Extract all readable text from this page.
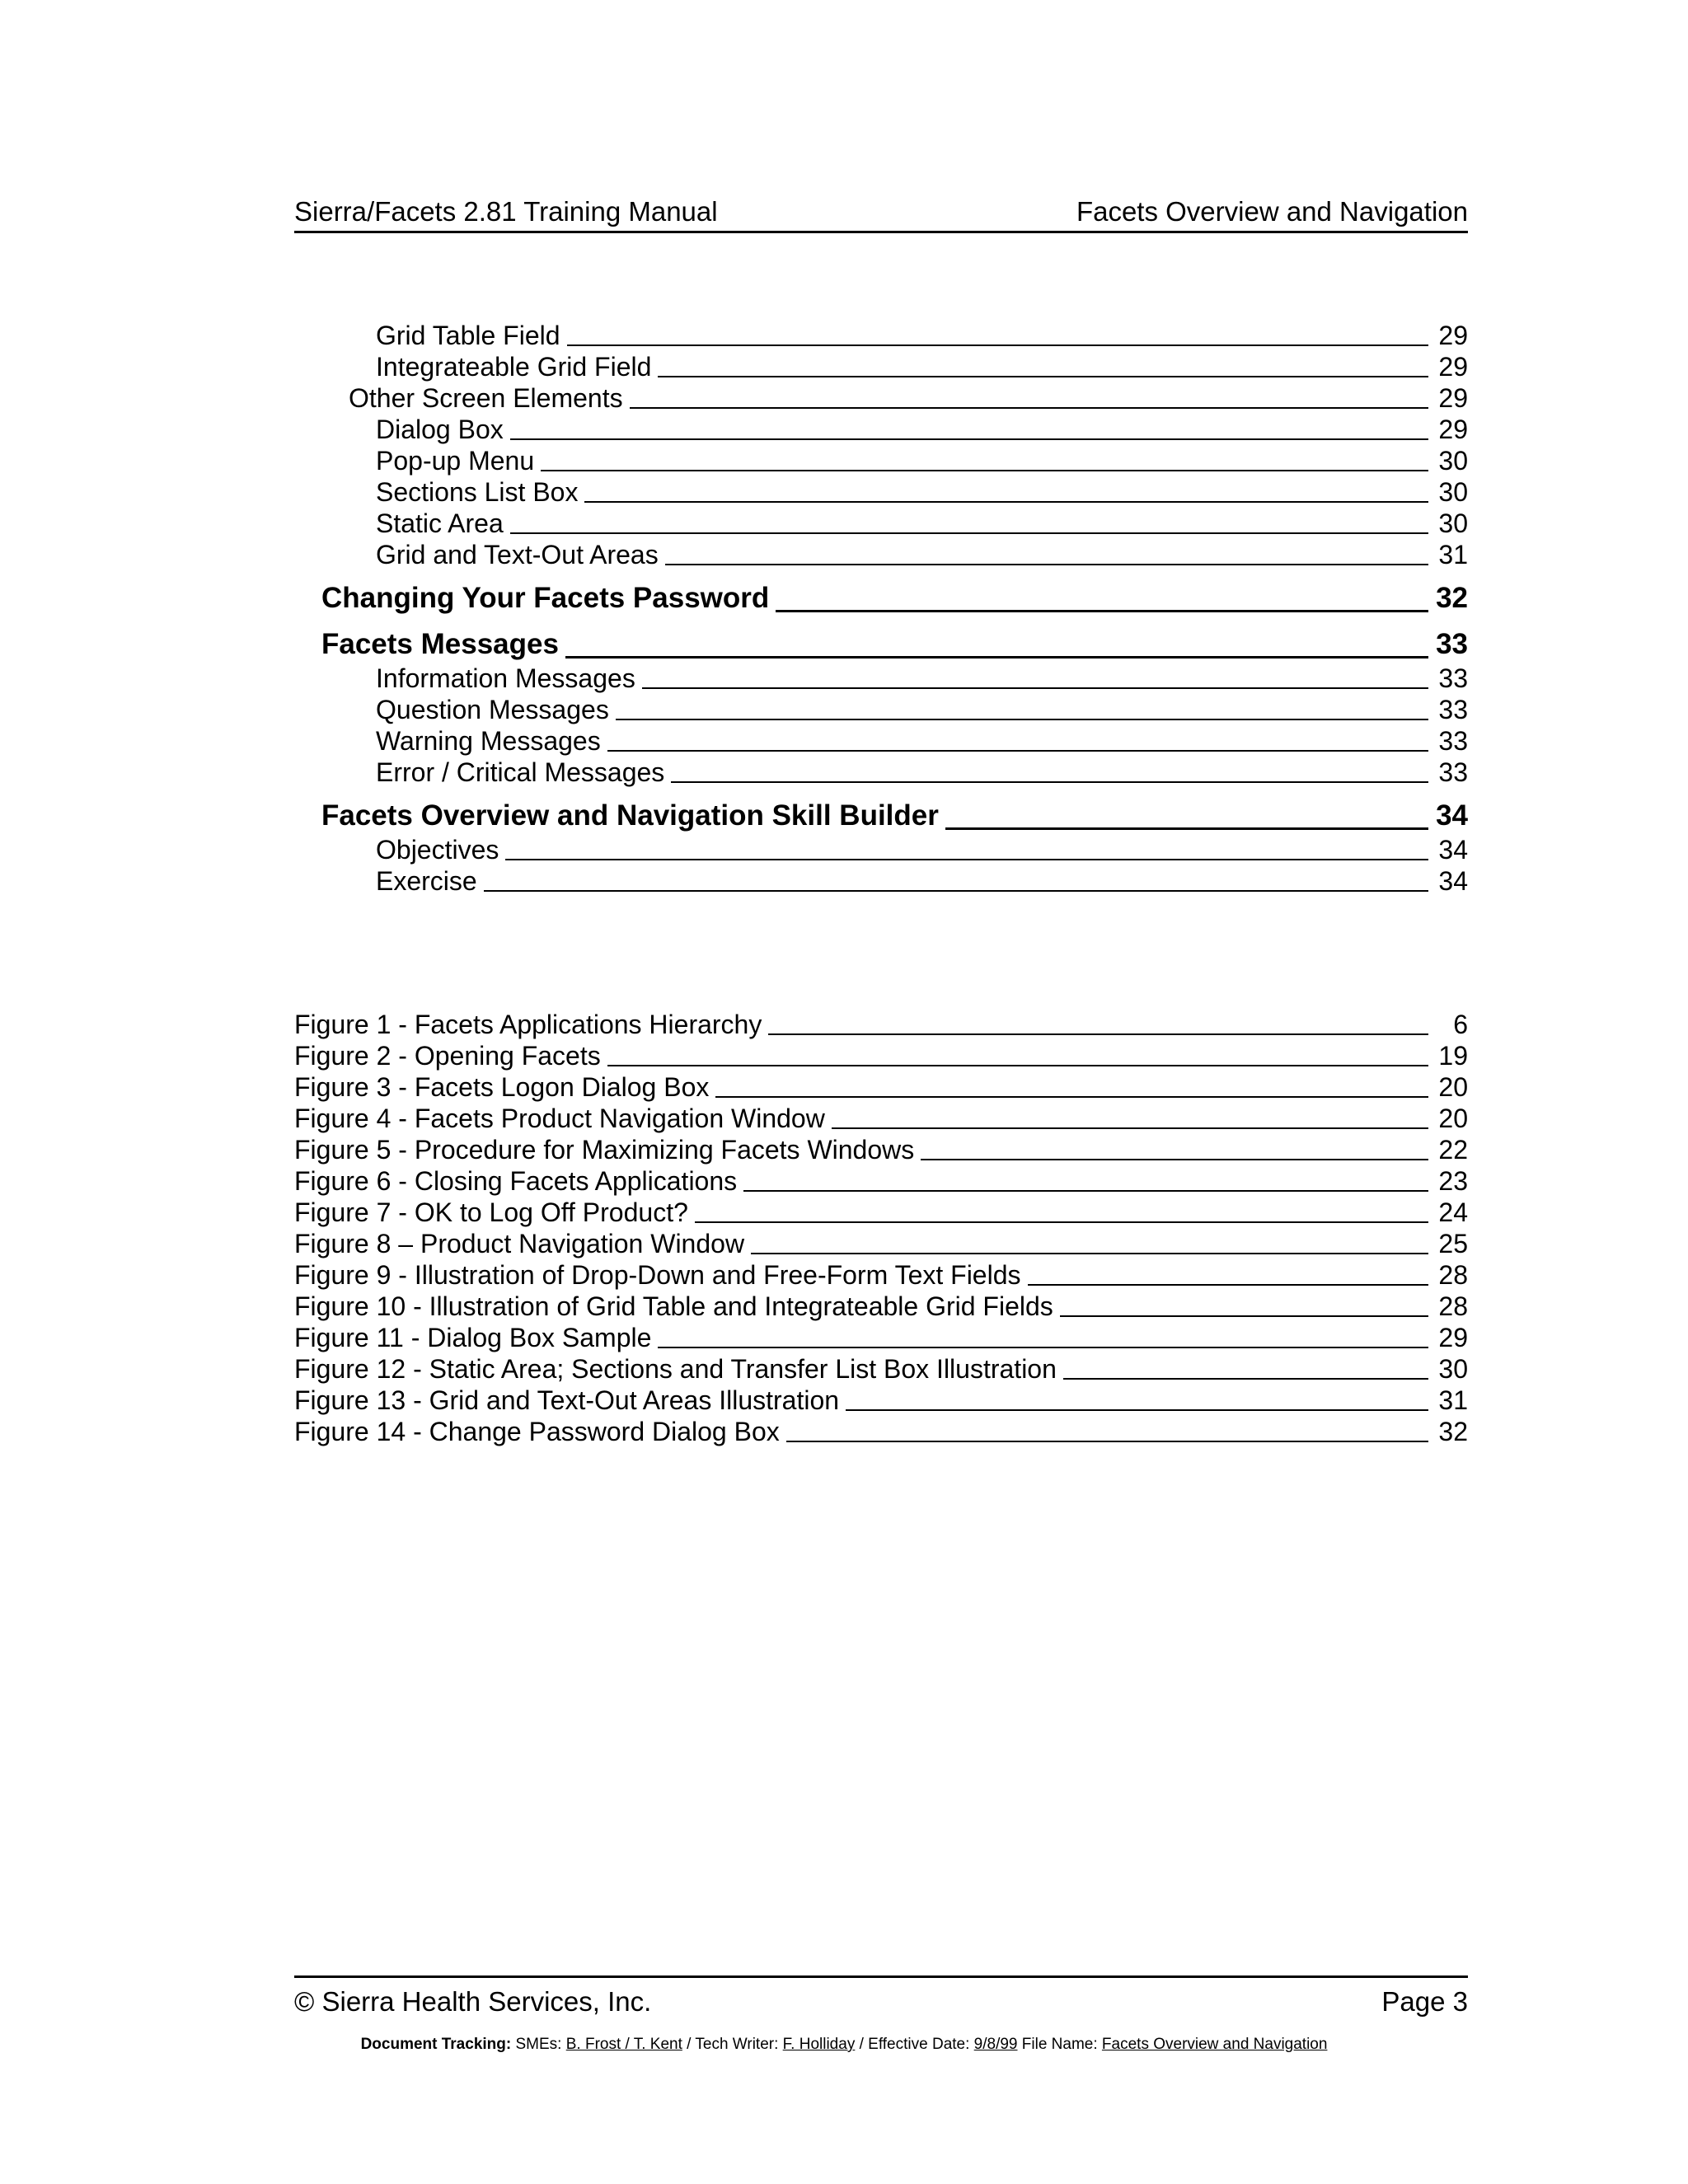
Sierra/Facets 2.81 Training Manual	Facets Overview and Navigation
Grid Table Field	29
Integrateable Grid Field	29
Other Screen Elements	29
Dialog Box	29
Pop-up Menu	30
Sections List Box	30
Static Area	30
Grid and Text-Out Areas	31
Changing Your Facets Password	32
Facets Messages	33
Information Messages	33
Question Messages	33
Warning Messages	33
Error / Critical Messages	33
Facets Overview and Navigation Skill Builder	34
Objectives	34
Exercise	34
Figure 1 - Facets Applications Hierarchy	6
Figure 2 - Opening Facets	19
Figure 3 - Facets Logon Dialog Box	20
Figure 4 - Facets Product Navigation Window	20
Figure 5 - Procedure for Maximizing Facets Windows	22
Figure 6 - Closing Facets Applications	23
Figure 7 - OK to Log Off Product?	24
Figure 8 – Product Navigation Window	25
Figure 9 - Illustration of Drop-Down and Free-Form Text Fields	28
Figure 10 - Illustration of Grid Table and Integrateable Grid Fields	28
Figure 11 - Dialog Box Sample	29
Figure 12 - Static Area; Sections and Transfer List Box Illustration	30
Figure 13 - Grid and Text-Out Areas Illustration	31
Figure 14 - Change Password Dialog Box	32
© Sierra Health Services, Inc.	Page 3
Document Tracking: SMEs: B. Frost / T. Kent / Tech Writer: F. Holliday / Effective Date: 9/8/99 File Name: Facets Overview and Navigation
